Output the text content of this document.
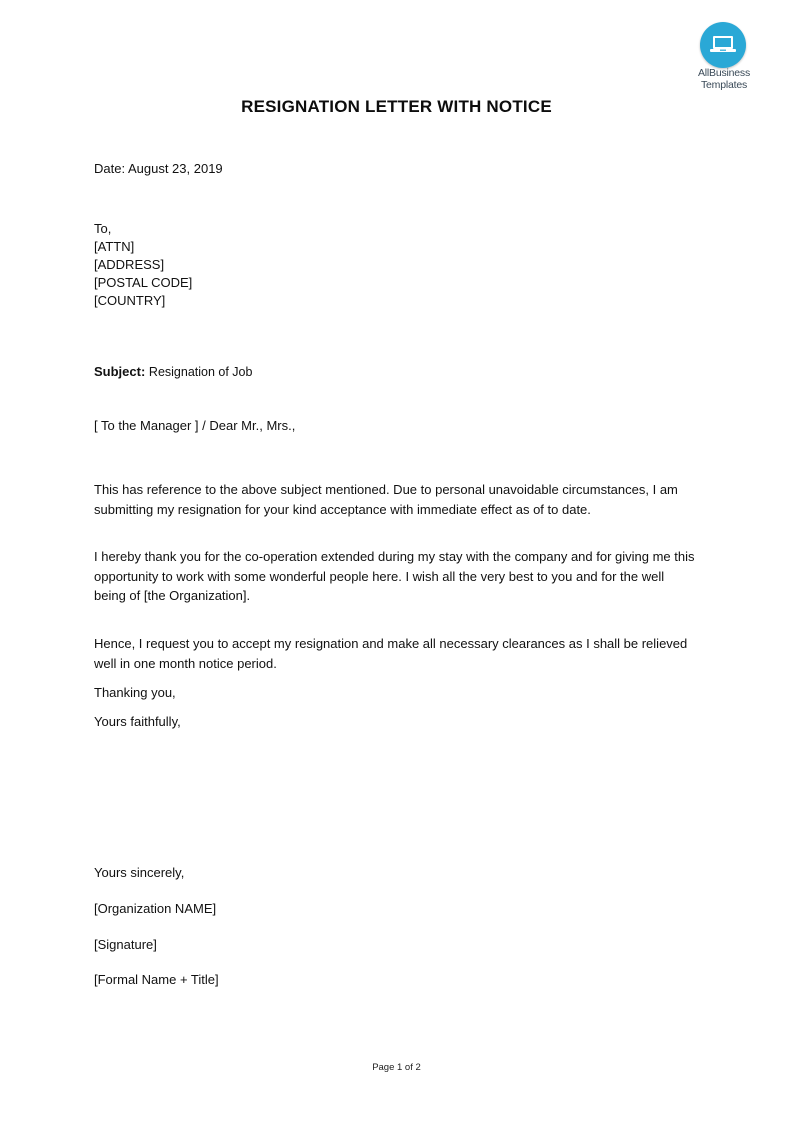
AllBusiness
Templates
RESIGNATION LETTER WITH NOTICE
Date: August 23, 2019
To,
[ATTN]
[ADDRESS]
[POSTAL CODE]
[COUNTRY]
Subject: Resignation of Job
[ To the Manager ] / Dear Mr., Mrs.,
This has reference to the above subject mentioned. Due to personal unavoidable circumstances, I am submitting my resignation for your kind acceptance with immediate effect as of to date.
I hereby thank you for the co-operation extended during my stay with the company and for giving me this opportunity to work with some wonderful people here. I wish all the very best to you and for the well being of [the Organization].
Hence, I request you to accept my resignation and make all necessary clearances as I shall be relieved well in one month notice period.
Thanking you,
Yours faithfully,
Yours sincerely,
[Organization NAME]
[Signature]
[Formal Name + Title]
Page 1 of 2
